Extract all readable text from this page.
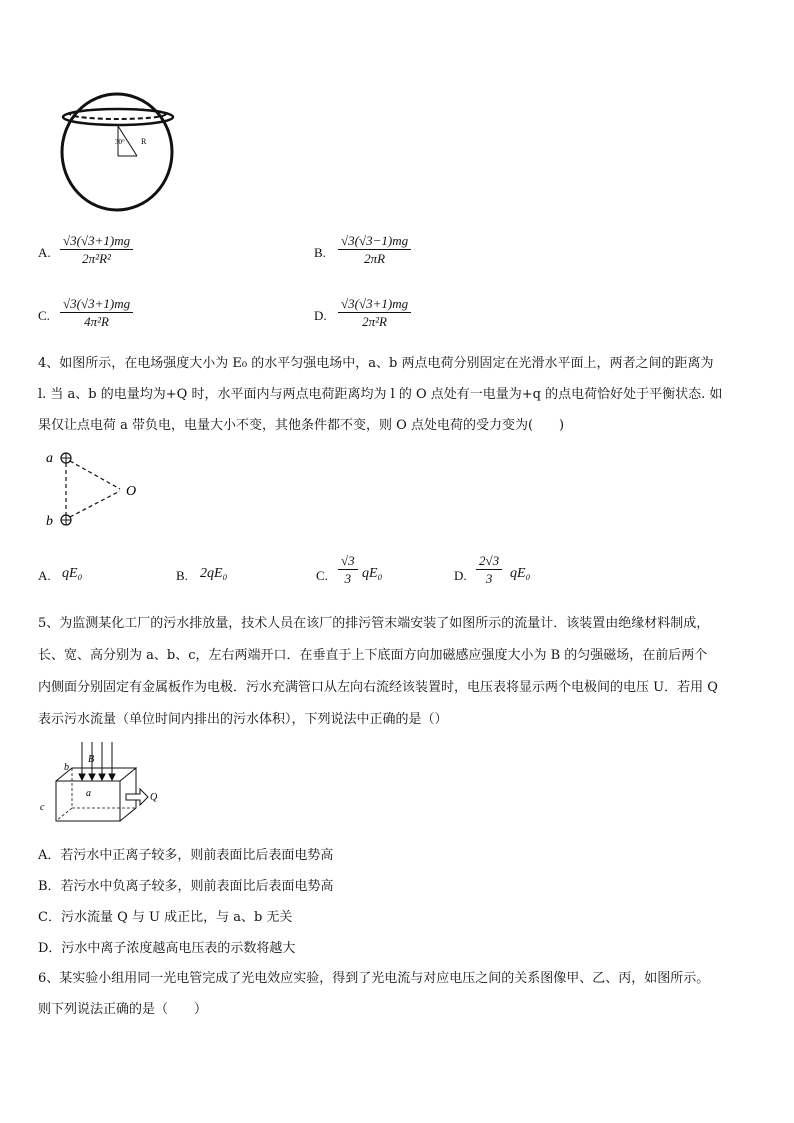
30° R
A.
√3(√3+1)mg
2π²R²	B.
√3(√3−1)mg
2πR
C.
√3(√3+1)mg
4π²R	D.
√3(√3+1)mg
2π²R
4、如图所示，在电场强度大小为 E₀ 的水平匀强电场中，a、b 两点电荷分别固定在光滑水平面上，两者之间的距离为
l. 当 a、b 的电量均为+Q 时，水平面内与两点电荷距离均为 l 的 O 点处有一电量为+q 的点电荷恰好处于平衡状态. 如
果仅让点电荷 a 带负电，电量大小不变，其他条件都不变，则 O 点处电荷的受力变为(　　)
a
b
O
A. qE₀	B. 2qE₀	C.
√3
3 qE₀	D.
2√3
3 qE₀
5、为监测某化工厂的污水排放量，技术人员在该厂的排污管末端安装了如图所示的流量计．该装置由绝缘材料制成，
长、宽、高分别为 a、b、c，左右两端开口．在垂直于上下底面方向加磁感应强度大小为 B 的匀强磁场，在前后两个
内侧面分别固定有金属板作为电极．污水充满管口从左向右流经该装置时，电压表将显示两个电极间的电压 U．若用 Q
表示污水流量（单位时间内排出的污水体积），下列说法中正确的是（）
b
B
a
c
Q
A．若污水中正离子较多，则前表面比后表面电势高
B．若污水中负离子较多，则前表面比后表面电势高
C．污水流量 Q 与 U 成正比，与 a、b 无关
D．污水中离子浓度越高电压表的示数将越大
6、某实验小组用同一光电管完成了光电效应实验，得到了光电流与对应电压之间的关系图像甲、乙、丙，如图所示。
则下列说法正确的是（　　）
